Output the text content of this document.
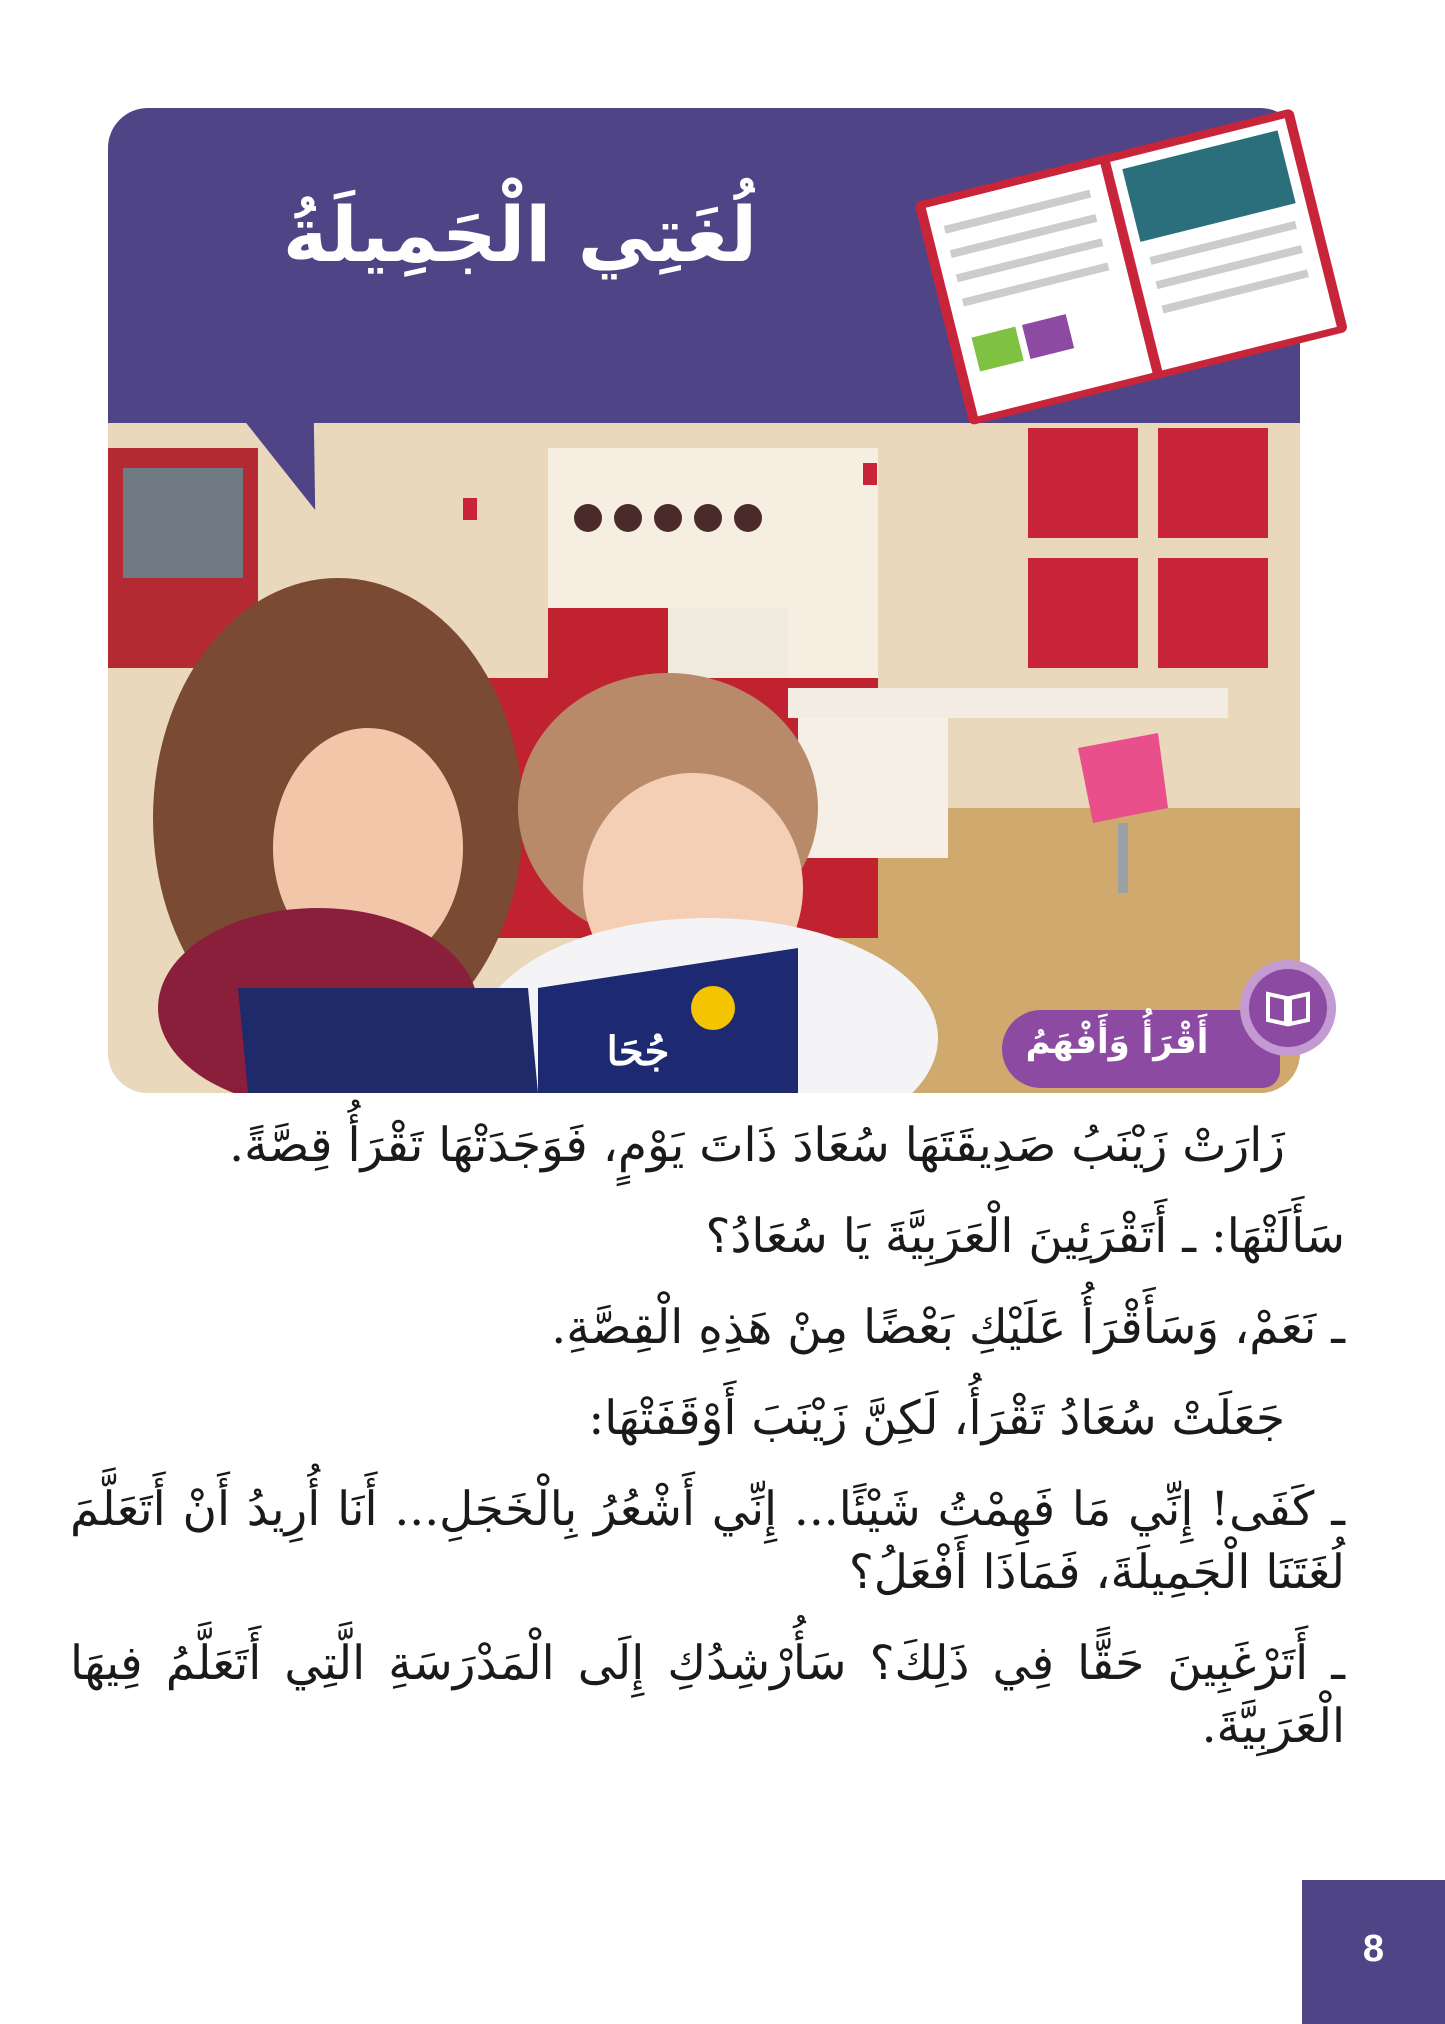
جُحَا
لُغَتِي الْجَمِيلَةُ
أَقْرَأُ وَأَفْهَمُ

زَارَتْ زَيْنَبُ صَدِيقَتَهَا سُعَادَ ذَاتَ يَوْمٍ، فَوَجَدَتْهَا تَقْرَأُ قِصَّةً.

سَأَلَتْهَا: ـ أَتَقْرَئِينَ الْعَرَبِيَّةَ يَا سُعَادُ؟

ـ نَعَمْ، وَسَأَقْرَأُ عَلَيْكِ بَعْضًا مِنْ هَذِهِ الْقِصَّةِ.

جَعَلَتْ سُعَادُ تَقْرَأُ، لَكِنَّ زَيْنَبَ أَوْقَفَتْهَا:

ـ كَفَى! إِنِّي مَا فَهِمْتُ شَيْئًا... إِنِّي أَشْعُرُ بِالْخَجَلِ... أَنَا أُرِيدُ أَنْ أَتَعَلَّمَ لُغَتَنَا الْجَمِيلَةَ، فَمَاذَا أَفْعَلُ؟

ـ أَتَرْغَبِينَ حَقًّا فِي ذَلِكَ؟ سَأُرْشِدُكِ إِلَى الْمَدْرَسَةِ الَّتِي أَتَعَلَّمُ فِيهَا الْعَرَبِيَّةَ.

8
